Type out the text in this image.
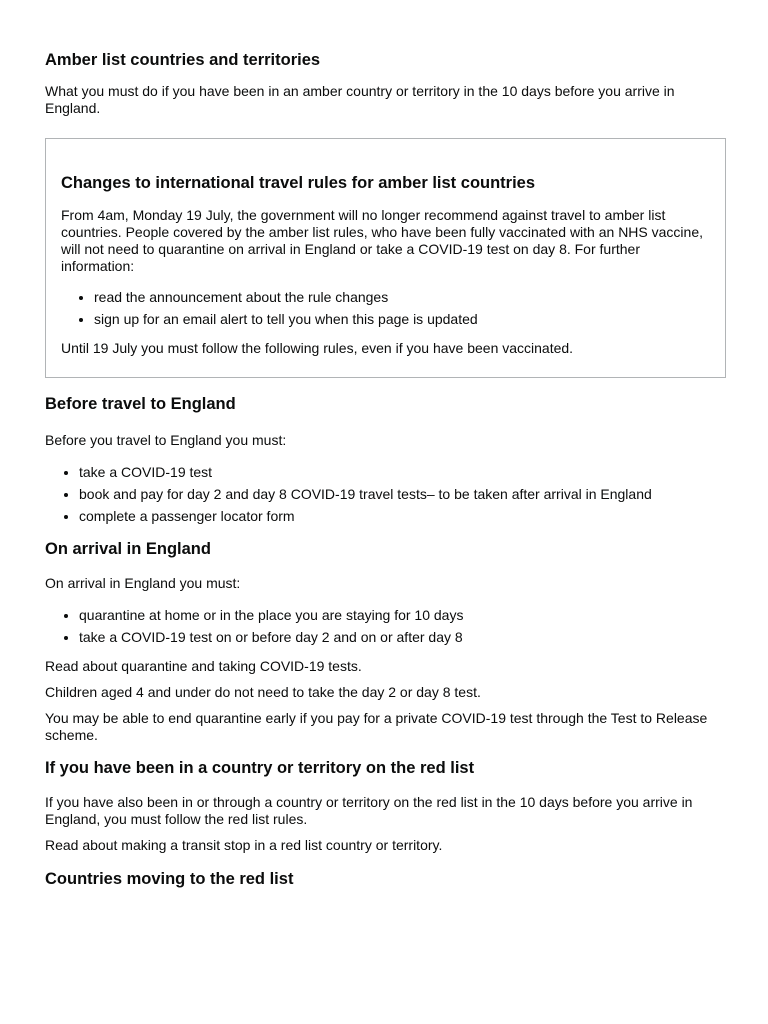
Amber list countries and territories

What you must do if you have been in an amber country or territory in the 10 days before you arrive in England.

Changes to international travel rules for amber list countries

From 4am, Monday 19 July, the government will no longer recommend against travel to amber list countries. People covered by the amber list rules, who have been fully vaccinated with an NHS vaccine, will not need to quarantine on arrival in England or take a COVID-19 test on day 8. For further information:

• read the announcement about the rule changes
• sign up for an email alert to tell you when this page is updated

Until 19 July you must follow the following rules, even if you have been vaccinated.

Before travel to England

Before you travel to England you must:

• take a COVID-19 test
• book and pay for day 2 and day 8 COVID-19 travel tests– to be taken after arrival in England
• complete a passenger locator form
On arrival in England

On arrival in England you must:

• quarantine at home or in the place you are staying for 10 days
• take a COVID-19 test on or before day 2 and on or after day 8

Read about quarantine and taking COVID-19 tests.

Children aged 4 and under do not need to take the day 2 or day 8 test.

You may be able to end quarantine early if you pay for a private COVID-19 test through the Test to Release scheme.

If you have been in a country or territory on the red list

If you have also been in or through a country or territory on the red list in the 10 days before you arrive in England, you must follow the red list rules.

Read about making a transit stop in a red list country or territory.

Countries moving to the red list
